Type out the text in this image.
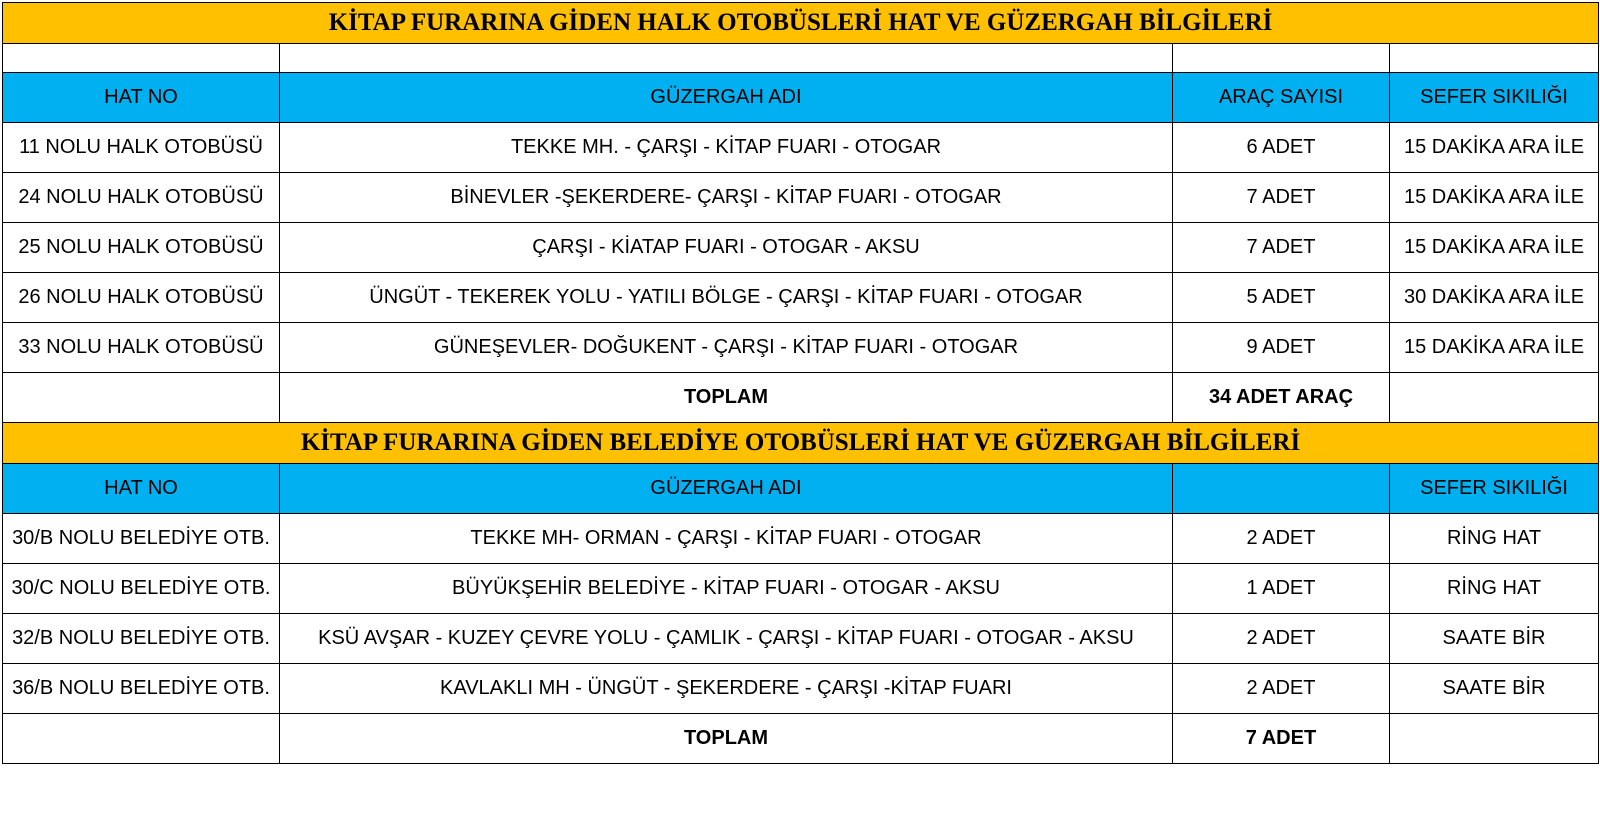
KİTAP FURARINA GİDEN HALK OTOBÜSLERİ HAT VE GÜZERGAH BİLGİLERİ			

HAT NO	GÜZERGAH ADI	ARAÇ SAYISI	SEFER SIKILIĞI
11 NOLU HALK OTOBÜSÜ	TEKKE MH. - ÇARŞI - KİTAP FUARI - OTOGAR	6 ADET	15 DAKİKA ARA İLE
24 NOLU HALK OTOBÜSÜ	BİNEVLER -ŞEKERDERE- ÇARŞI - KİTAP FUARI - OTOGAR	7 ADET	15 DAKİKA ARA İLE
25 NOLU HALK OTOBÜSÜ	ÇARŞI - KİATAP FUARI - OTOGAR - AKSU	7 ADET	15 DAKİKA ARA İLE
26 NOLU HALK OTOBÜSÜ	ÜNGÜT - TEKEREK YOLU - YATILI BÖLGE - ÇARŞI - KİTAP FUARI - OTOGAR	5 ADET	30 DAKİKA ARA İLE
33 NOLU HALK OTOBÜSÜ	GÜNEŞEVLER- DOĞUKENT - ÇARŞI - KİTAP FUARI - OTOGAR	9 ADET	15 DAKİKA ARA İLE
	TOPLAM	34 ADET ARAÇ	
KİTAP FURARINA GİDEN BELEDİYE OTOBÜSLERİ HAT VE GÜZERGAH BİLGİLERİ			
HAT NO	GÜZERGAH ADI		SEFER SIKILIĞI
30/B NOLU BELEDİYE OTB.	TEKKE MH- ORMAN - ÇARŞI - KİTAP FUARI - OTOGAR	2 ADET	RİNG HAT
30/C NOLU BELEDİYE OTB.	BÜYÜKŞEHİR BELEDİYE - KİTAP FUARI - OTOGAR - AKSU	1 ADET	RİNG HAT
32/B NOLU BELEDİYE OTB.	KSÜ AVŞAR - KUZEY ÇEVRE YOLU - ÇAMLIK - ÇARŞI - KİTAP FUARI - OTOGAR - AKSU	2 ADET	SAATE BİR
36/B NOLU BELEDİYE OTB.	KAVLAKLI MH - ÜNGÜT - ŞEKERDERE - ÇARŞI -KİTAP FUARI	2 ADET	SAATE BİR
	TOPLAM	7 ADET	
